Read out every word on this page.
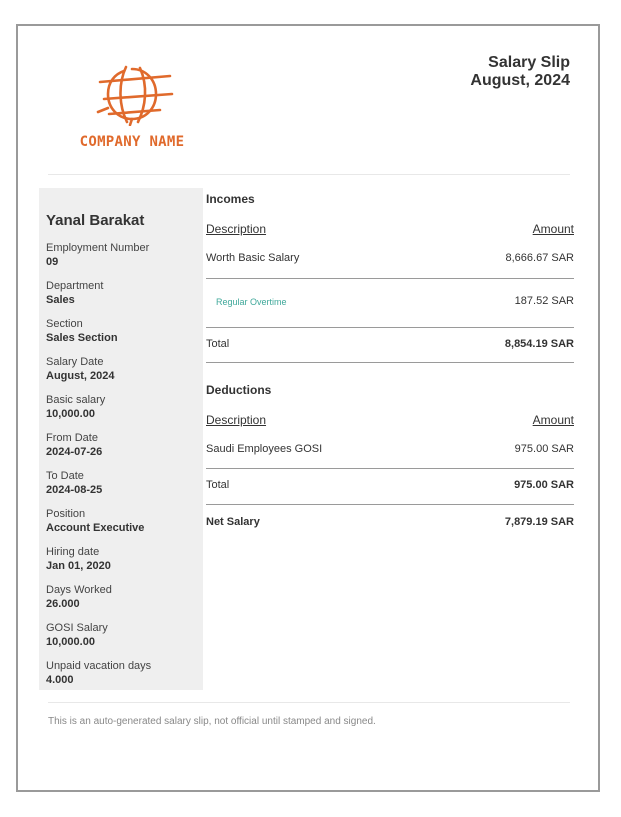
COMPANY NAME
Salary Slip
August, 2024
Yanal Barakat
Employment Number
09
Department
Sales
Section
Sales Section
Salary Date
August, 2024
Basic salary
10,000.00
From Date
2024-07-26
To Date
2024-08-25
Position
Account Executive
Hiring date
Jan 01, 2020
Days Worked
26.000
GOSI Salary
10,000.00
Unpaid vacation days
4.000
Incomes
Description	Amount
Worth Basic Salary	8,666.67 SAR
Regular Overtime	187.52 SAR
Total	8,854.19 SAR
Deductions
Description	Amount
Saudi Employees GOSI	975.00 SAR
Total	975.00 SAR
Net Salary	7,879.19 SAR
This is an auto-generated salary slip, not official until stamped and signed.
